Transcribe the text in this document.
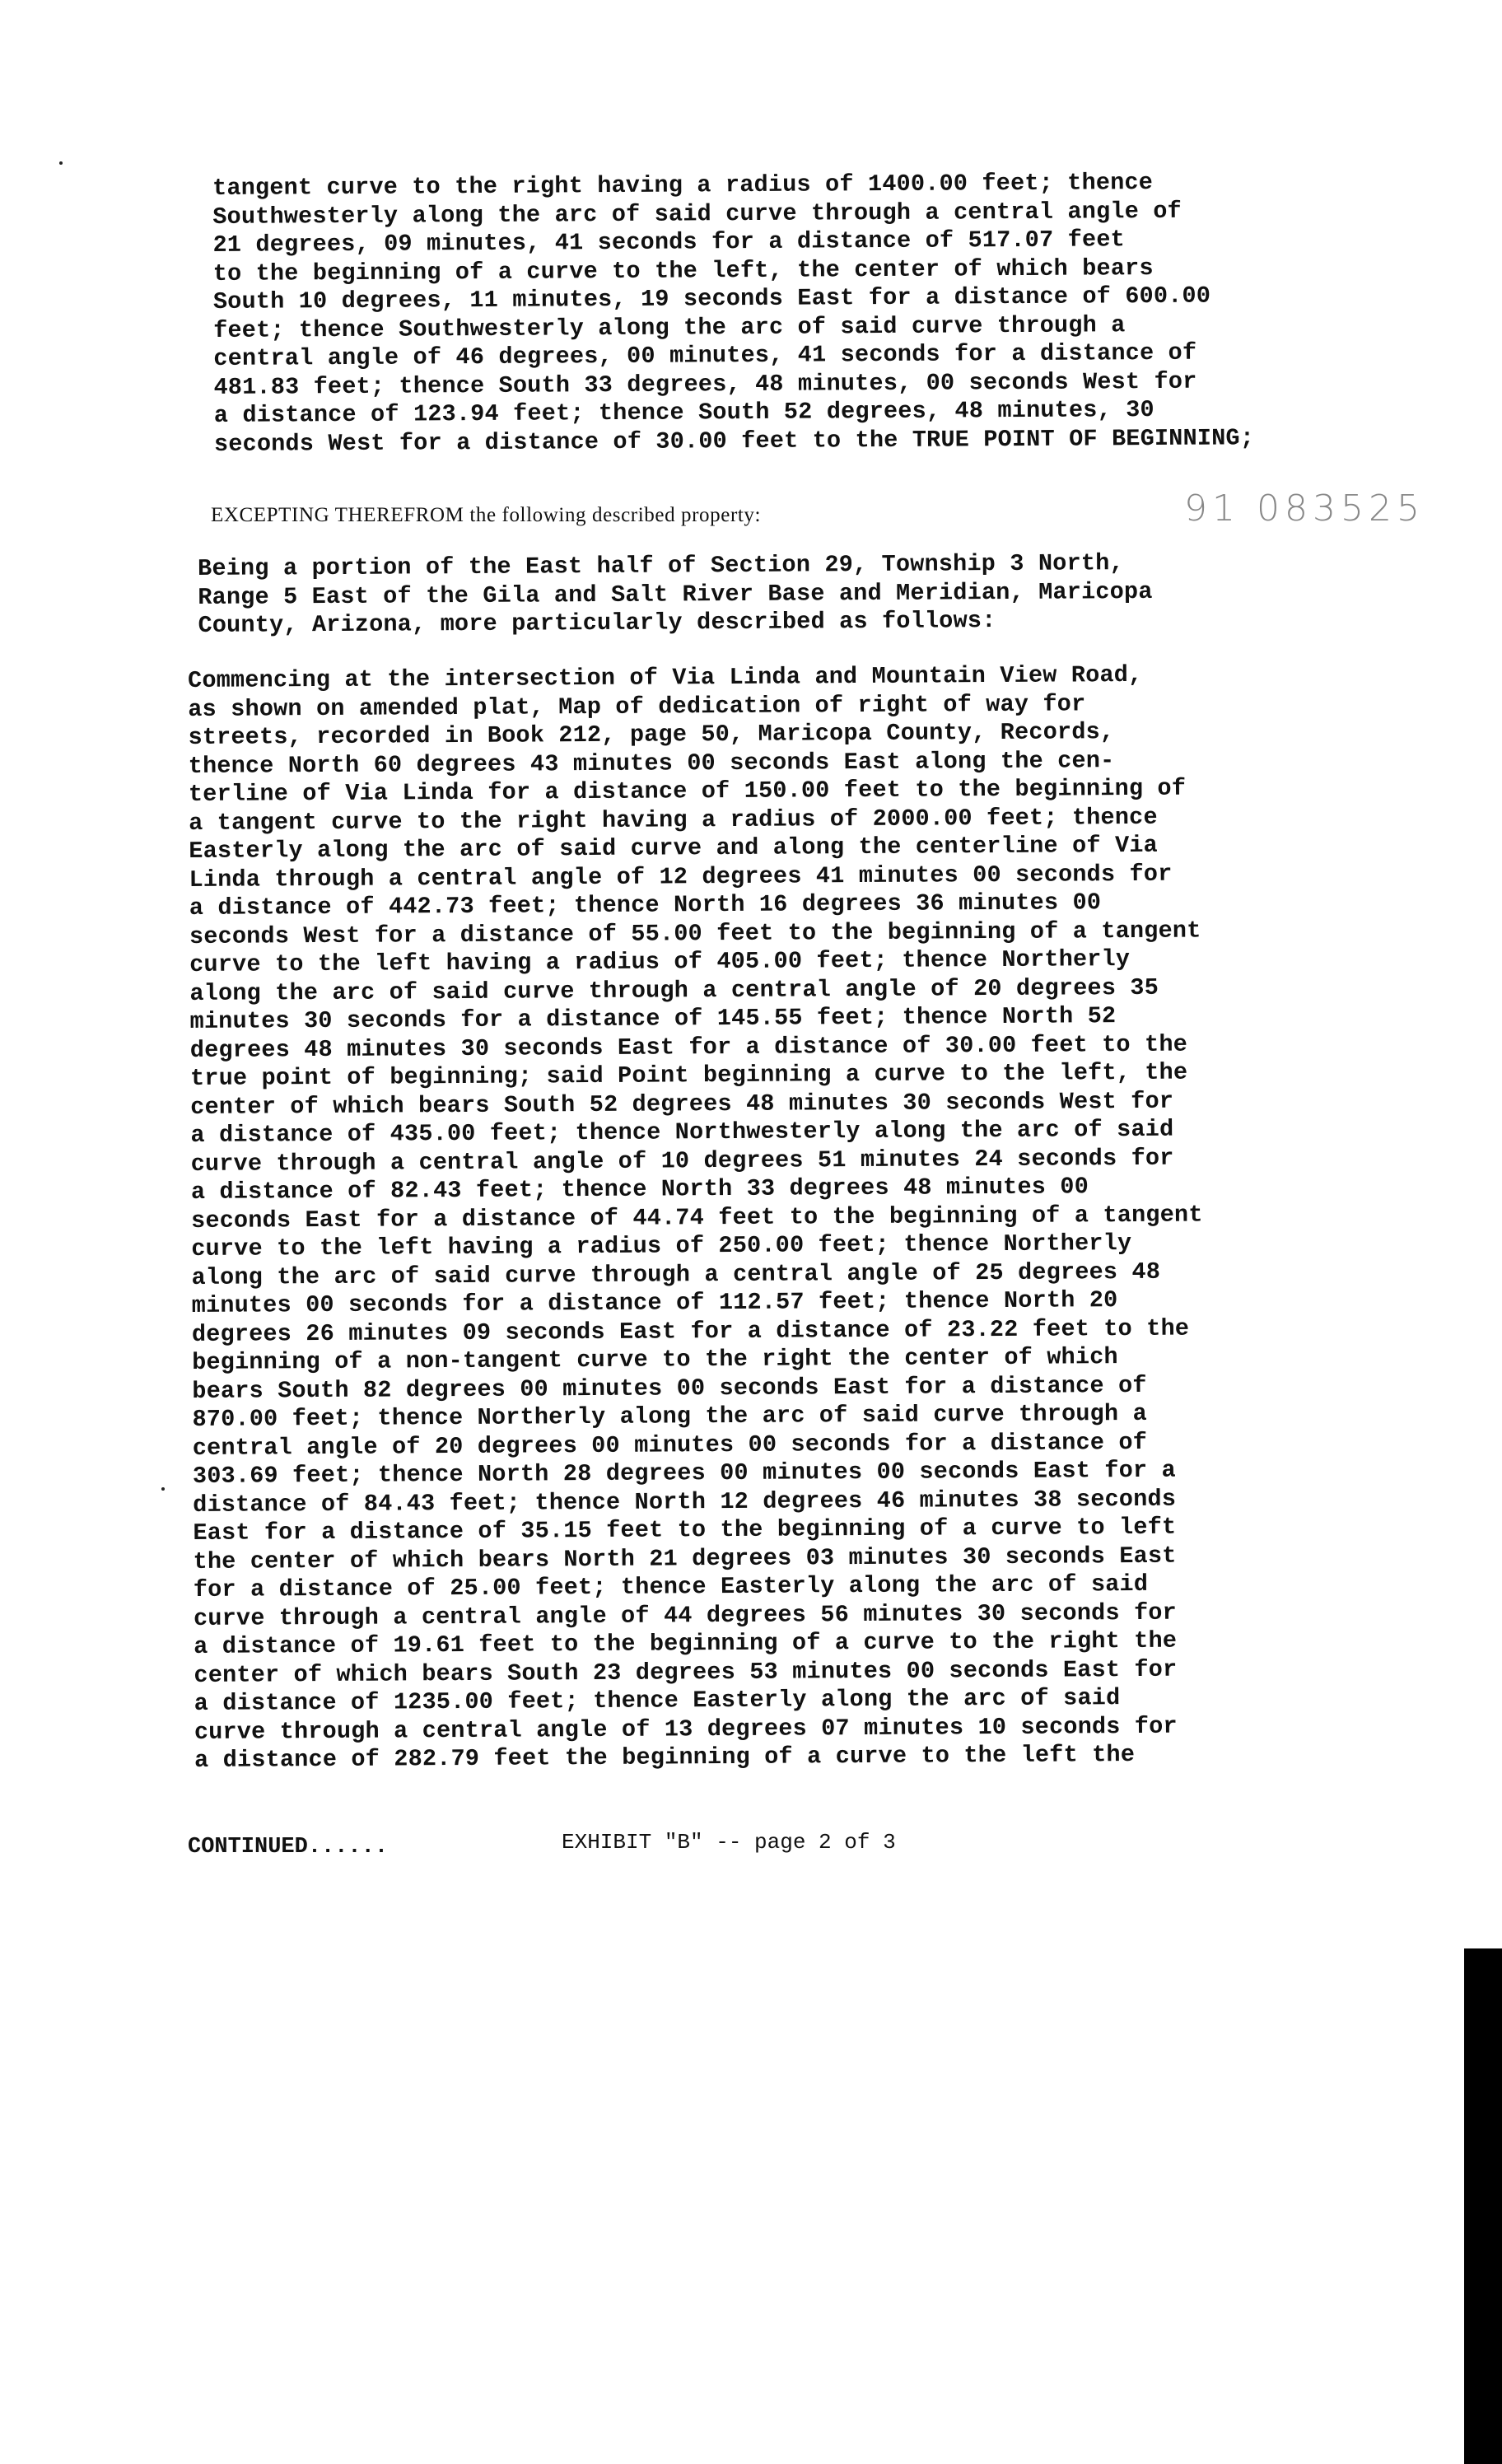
tangent curve to the right having a radius of 1400.00 feet; thence
Southwesterly along the arc of said curve through a central angle of
21 degrees, 09 minutes, 41 seconds for a distance of 517.07 feet
to the beginning of a curve to the left, the center of which bears
South 10 degrees, 11 minutes, 19 seconds East for a distance of 600.00
feet; thence Southwesterly along the arc of said curve through a
central angle of 46 degrees, 00 minutes, 41 seconds for a distance of
481.83 feet; thence South 33 degrees, 48 minutes, 00 seconds West for
a distance of 123.94 feet; thence South 52 degrees, 48 minutes, 30
seconds West for a distance of 30.00 feet to the TRUE POINT OF BEGINNING;

EXCEPTING THEREFROM the following described property:	91 083525

Being a portion of the East half of Section 29, Township 3 North,
Range 5 East of the Gila and Salt River Base and Meridian, Maricopa
County, Arizona, more particularly described as follows:

Commencing at the intersection of Via Linda and Mountain View Road,
as shown on amended plat, Map of dedication of right of way for
streets, recorded in Book 212, page 50, Maricopa County, Records,
thence North 60 degrees 43 minutes 00 seconds East along the cen-
terline of Via Linda for a distance of 150.00 feet to the beginning of
a tangent curve to the right having a radius of 2000.00 feet; thence
Easterly along the arc of said curve and along the centerline of Via
Linda through a central angle of 12 degrees 41 minutes 00 seconds for
a distance of 442.73 feet; thence North 16 degrees 36 minutes 00
seconds West for a distance of 55.00 feet to the beginning of a tangent
curve to the left having a radius of 405.00 feet; thence Northerly
along the arc of said curve through a central angle of 20 degrees 35
minutes 30 seconds for a distance of 145.55 feet; thence North 52
degrees 48 minutes 30 seconds East for a distance of 30.00 feet to the
true point of beginning; said Point beginning a curve to the left, the
center of which bears South 52 degrees 48 minutes 30 seconds West for
a distance of 435.00 feet; thence Northwesterly along the arc of said
curve through a central angle of 10 degrees 51 minutes 24 seconds for
a distance of 82.43 feet; thence North 33 degrees 48 minutes 00
seconds East for a distance of 44.74 feet to the beginning of a tangent
curve to the left having a radius of 250.00 feet; thence Northerly
along the arc of said curve through a central angle of 25 degrees 48
minutes 00 seconds for a distance of 112.57 feet; thence North 20
degrees 26 minutes 09 seconds East for a distance of 23.22 feet to the
beginning of a non-tangent curve to the right the center of which
bears South 82 degrees 00 minutes 00 seconds East for a distance of
870.00 feet; thence Northerly along the arc of said curve through a
central angle of 20 degrees 00 minutes 00 seconds for a distance of
303.69 feet; thence North 28 degrees 00 minutes 00 seconds East for a
distance of 84.43 feet; thence North 12 degrees 46 minutes 38 seconds
East for a distance of 35.15 feet to the beginning of a curve to left
the center of which bears North 21 degrees 03 minutes 30 seconds East
for a distance of 25.00 feet; thence Easterly along the arc of said
curve through a central angle of 44 degrees 56 minutes 30 seconds for
a distance of 19.61 feet to the beginning of a curve to the right the
center of which bears South 23 degrees 53 minutes 00 seconds East for
a distance of 1235.00 feet; thence Easterly along the arc of said
curve through a central angle of 13 degrees 07 minutes 10 seconds for
a distance of 282.79 feet the beginning of a curve to the left the

CONTINUED......	EXHIBIT "B" -- page 2 of 3
